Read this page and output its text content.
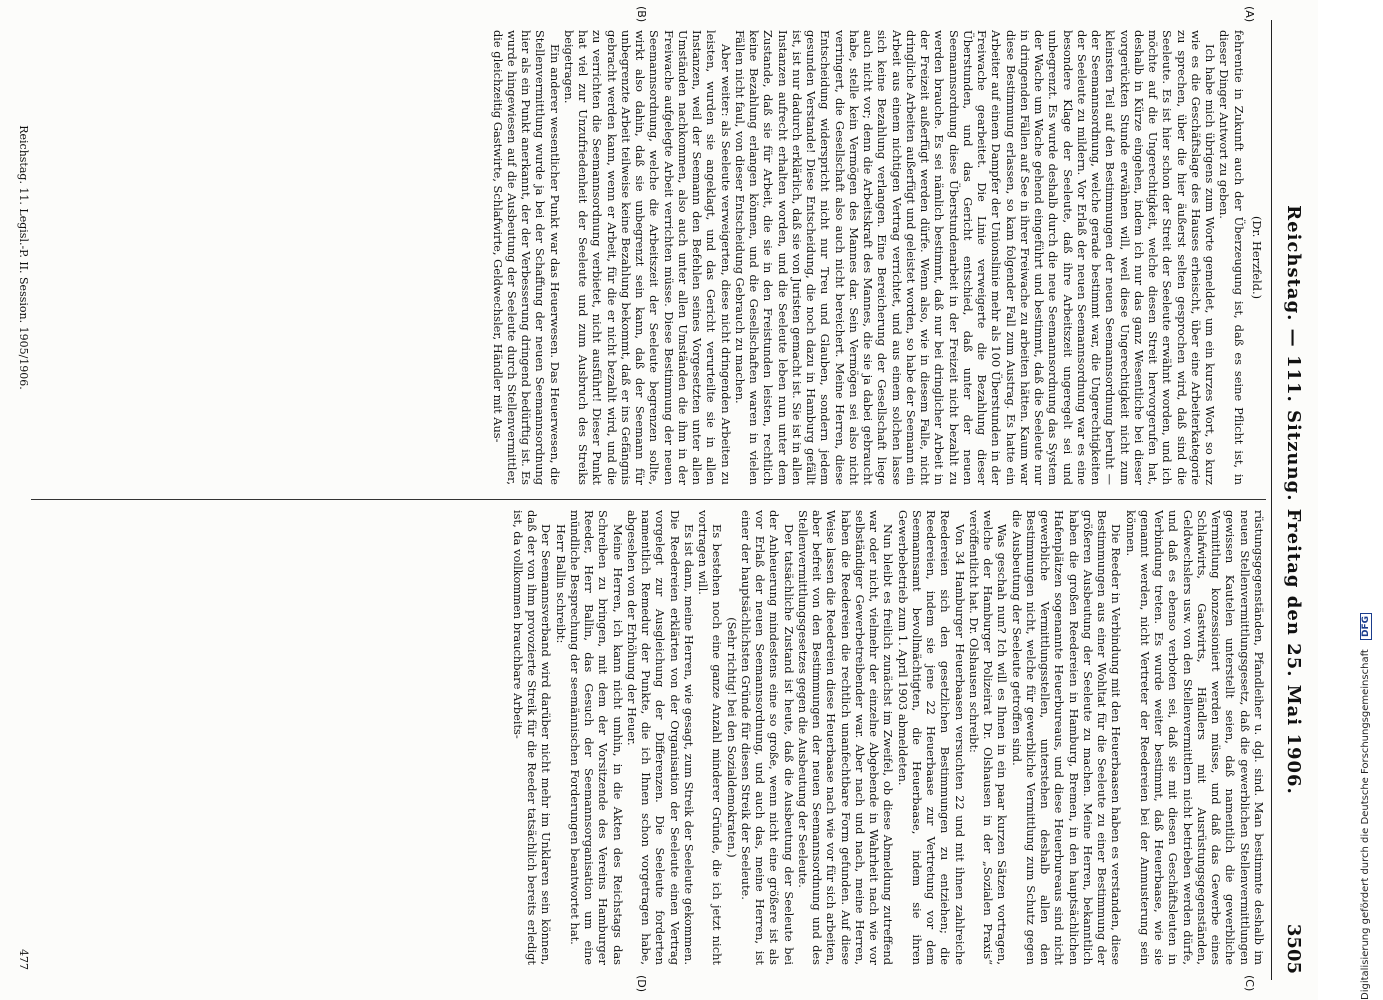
Reichstag. — 111. Sitzung. Freitag den 25. Mai 1906.
3505
(A)
(B)
(C)
(D)
(Dr. Herzfeld.)

fehrentie in Zukunft auch der Überzeugung ist, daß es seine Pflicht ist, in dieser Dinger Antwort zu geben.

Ich habe mich übrigens zum Worte gemeldet, um ein kurzes Wort, so kurz wie es die Geschäftslage des Hauses erheischt, über eine Arbeiterkategorie zu sprechen, über die hier äußerst selten gesprochen wird, daß sind die Seeleute. Es ist hier schon der Streit der Seeleute erwähnt worden, und ich möchte auf die Ungerechtigkeit, welche diesen Streit hervorgerufen hat, deshalb in Kürze eingehen, indem ich nur das ganz Wesentliche bei dieser vorgerückten Stunde erwähnen will, weil diese Ungerechtigkeit nicht zum kleinsten Teil auf den Bestimmungen der neuen Seemannsordnung beruht — der Seemannsordnung, welche gerade bestimmt war, die Ungerechtigkeiten der Seeleute zu mildern. Vor Erlaß der neuen Seemannsordnung war es eine besondere Klage der Seeleute, daß ihre Arbeitszeit ungeregelt sei und unbegrenzt. Es wurde deshalb durch die neue Seemannsordnung das System der Wache um Wache gehend eingeführt und bestimmt, daß die Seeleute nur in dringenden Fällen auf See in ihrer Freiwache zu arbeiten hätten. Kaum war diese Bestimmung erlassen, so kam folgender Fall zum Austrag. Es hatte ein Arbeiter auf einem Dampfer der Unionslinie mehr als 100 Überstunden in der Freiwache gearbeitet. Die Linie verweigerte die Bezahlung dieser Überstunden, und das Gericht entschied, daß unter der neuen Seemannsordnung diese Überstundenarbeit in der Freizeit nicht bezahlt zu werden brauche. Es sei nämlich bestimmt, daß nur bei dringlicher Arbeit in der Freizeit außerfügt werden dürfe. Wenn also, wie in diesem Falle, nicht dringliche Arbeiten außerfügt und geleistet worden, so habe der Seemann ein Arbeit aus einem nichtigen Vertrag verrichtet, und aus einem solchen lasse sich keine Bezahlung verlangen. Eine Bereicherung der Gesellschaft liege auch nicht vor; denn die Arbeitskraft des Mannes, die sie ja dabei gebraucht habe, stelle kein Vermögen des Mannes dar. Sein Vermögen sei also nicht verringert, die Gesellschaft also auch nicht bereichert. Meine Herren, diese Entscheidung widerspricht nicht nur Treu und Glauben, sondern jedem gesunden Verstande! Diese Entscheidung, die noch dazu in Hamburg gefällt ist, ist nur dadurch erklärlich, daß sie von Juristen gemacht ist. Sie ist in allen Instanzen aufrecht erhalten worden, und die Seeleute leben nun unter dem Zustande, daß sie für Arbeit, die sie in den Freistunden leisten, rechtlich keine Bezahlung erlangen können, und die Gesellschaften waren in vielen Fällen nicht faul, von dieser Entscheidung Gebrauch zu machen.

Aber weiter: als Seeleute verweigerten, diese nicht dringenden Arbeiten zu leisten, wurden sie angeklagt, und das Gericht verurteilte sie in allen Instanzen, weil der Seemann den Befehlen seines Vorgesetzten unter allen Umständen nachkommen, also auch unter allen Umständen die ihm in der Freiwache aufgelegte Arbeit verrichten müsse. Diese Bestimmung der neuen Seemannsordnung, welche die Arbeitszeit der Seeleute begrenzen sollte, wirkt also dahin, daß sie unbegrenzt sein kann, daß der Seemann für unbegrenzte Arbeit teilweise keine Bezahlung bekommt, daß er ins Gefängnis gebracht werden kann, wenn er Arbeit, für die er nicht bezahlt wird, und die zu verrichten die Seemannsordnung verbietet, nicht ausführt! Dieser Punkt hat viel zur Unzufriedenheit der Seeleute und zum Ausbruch des Streiks beigetragen.

Ein anderer wesentlicher Punkt war das Heuerwesen. Das Heuerwesen, die Stellenvermittlung wurde ja bei der Schaffung der neuen Seemannsordnung hier als ein Punkt anerkannt, der der Verbesserung dringend bedürftig ist. Es wurde hingewiesen auf die Ausbeutung der Seeleute durch Stellenvermittler, die gleichzeitig Gastwirte, Schlafwirte, Geldwechsler, Händler mit Aus-

rüstungsgegenständen, Pfandleiher u. dgl. sind. Man bestimmte deshalb im neuen Stellenvermittlungsgesetz, daß die gewerblichen Stellenvermittlungen gewissen Kautelen unterstellt seien, daß namentlich die gewerbliche Vermittlung konzessioniert werden müsse, und daß das Gewerbe eines Schlafwirts, Gastwirts, Händlers mit Ausrüstungsgegenständen, Geldwechslers usw. von den Stellenvermittlern nicht betrieben werden dürfe, und daß es ebenso verboten sei, daß sie mit diesen Geschäftsleuten in Verbindung treten. Es wurde weiter bestimmt, daß Heuerbaase, wie sie genannt werden, nicht Vertreter der Reedereien bei der Anmusterung sein können.

Die Reeder in Verbindung mit den Heuerbaasen haben es verstanden, diese Bestimmungen aus einer Wohltat für die Seeleute zu einer Bestimmung der größeren Ausbeutung der Seeleute zu machen. Meine Herren, bekanntlich haben die großen Reedereien in Hamburg, Bremen, in den hauptsächlichen Hafenplätzen sogenannte Heuerbureaus, und diese Heuerbureaus sind nicht gewerbliche Vermittlungsstellen, unterstehen deshalb allen den Bestimmungen nicht, welche für gewerbliche Vermittlung zum Schutz gegen die Ausbeutung der Seeleute getroffen sind.

Was geschah nun? Ich will es Ihnen in ein paar kurzen Sätzen vortragen, welche der Hamburger Polizeirat Dr. Olshausen in der „Sozialen Praxis“ veröffentlicht hat. Dr. Olshausen schreibt:

Von 34 Hamburger Heuerbaasen versuchten 22 und mit ihnen zahlreiche Reedereien sich den gesetzlichen Bestimmungen zu entziehen; die Reedereien, indem sie jene 22 Heuerbaase zur Vertretung vor dem Seemannsamt bevollmächtigten, die Heuerbaase, indem sie ihren Gewerbebetrieb zum 1. April 1903 abmeldeten.

Nun bleibt es freilich zunächst im Zweifel, ob diese Abmeldung zutreffend war oder nicht, vielmehr der einzelne Abgebende in Wahrheit nach wie vor selbständiger Gewerbetreibender war. Aber nach und nach, meine Herren, haben die Reedereien die rechtlich unanfechtbare Form gefunden. Auf diese Weise lassen die Reedereien diese Heuerbaase nach wie vor für sich arbeiten, aber befreit von den Bestimmungen der neuen Seemannsordnung und des Stellenvermittlungsgesetzes gegen die Ausbeutung der Seeleute.

Der tatsächliche Zustand ist heute, daß die Ausbeutung der Seeleute bei der Anheuerung mindestens eine so große, wenn nicht eine größere ist als vor Erlaß der neuen Seemannsordnung, und auch das, meine Herren, ist einer der hauptsächlichsten Gründe für diesen Streik der Seeleute.

(Sehr richtig! bei den Sozialdemokraten.)

Es bestehen noch eine ganze Anzahl minderer Gründe, die ich jetzt nicht vortragen will.

Es ist dann, meine Herren, wie gesagt, zum Streik der Seeleute gekommen. Die Reedereien erklärten von der Organisation der Seeleute einen Vertrag vorgelegt zur Ausgleichung der Differenzen. Die Seeleute forderten namentlich Remedur der Punkte, die ich Ihnen schon vorgetragen habe, abgesehen von der Erhöhung der Heuer.

Meine Herren, ich kann nicht umhin, in die Akten des Reichstags das Schreiben zu bringen, mit dem der Vorsitzende des Vereins Hamburger Reeder, Herr Ballin, das Gesuch der Seemannsorganisation um eine mündliche Besprechung der seemännischen Forderungen beantwortet hat.

Herr Ballin schreibt:

Der Seemannsverband wird darüber nicht mehr im Unklaren sein können, daß der von ihm provozierte Streik für die Reeder tatsächlich bereits erledigt ist, da vollkommen brauchbare Arbeits-

Reichstag. 11. Legisl.-P. II. Session. 1905/1906.
477	Digitalisierung gefördert durch die Deutsche Forschungsgemeinschaft DFG
